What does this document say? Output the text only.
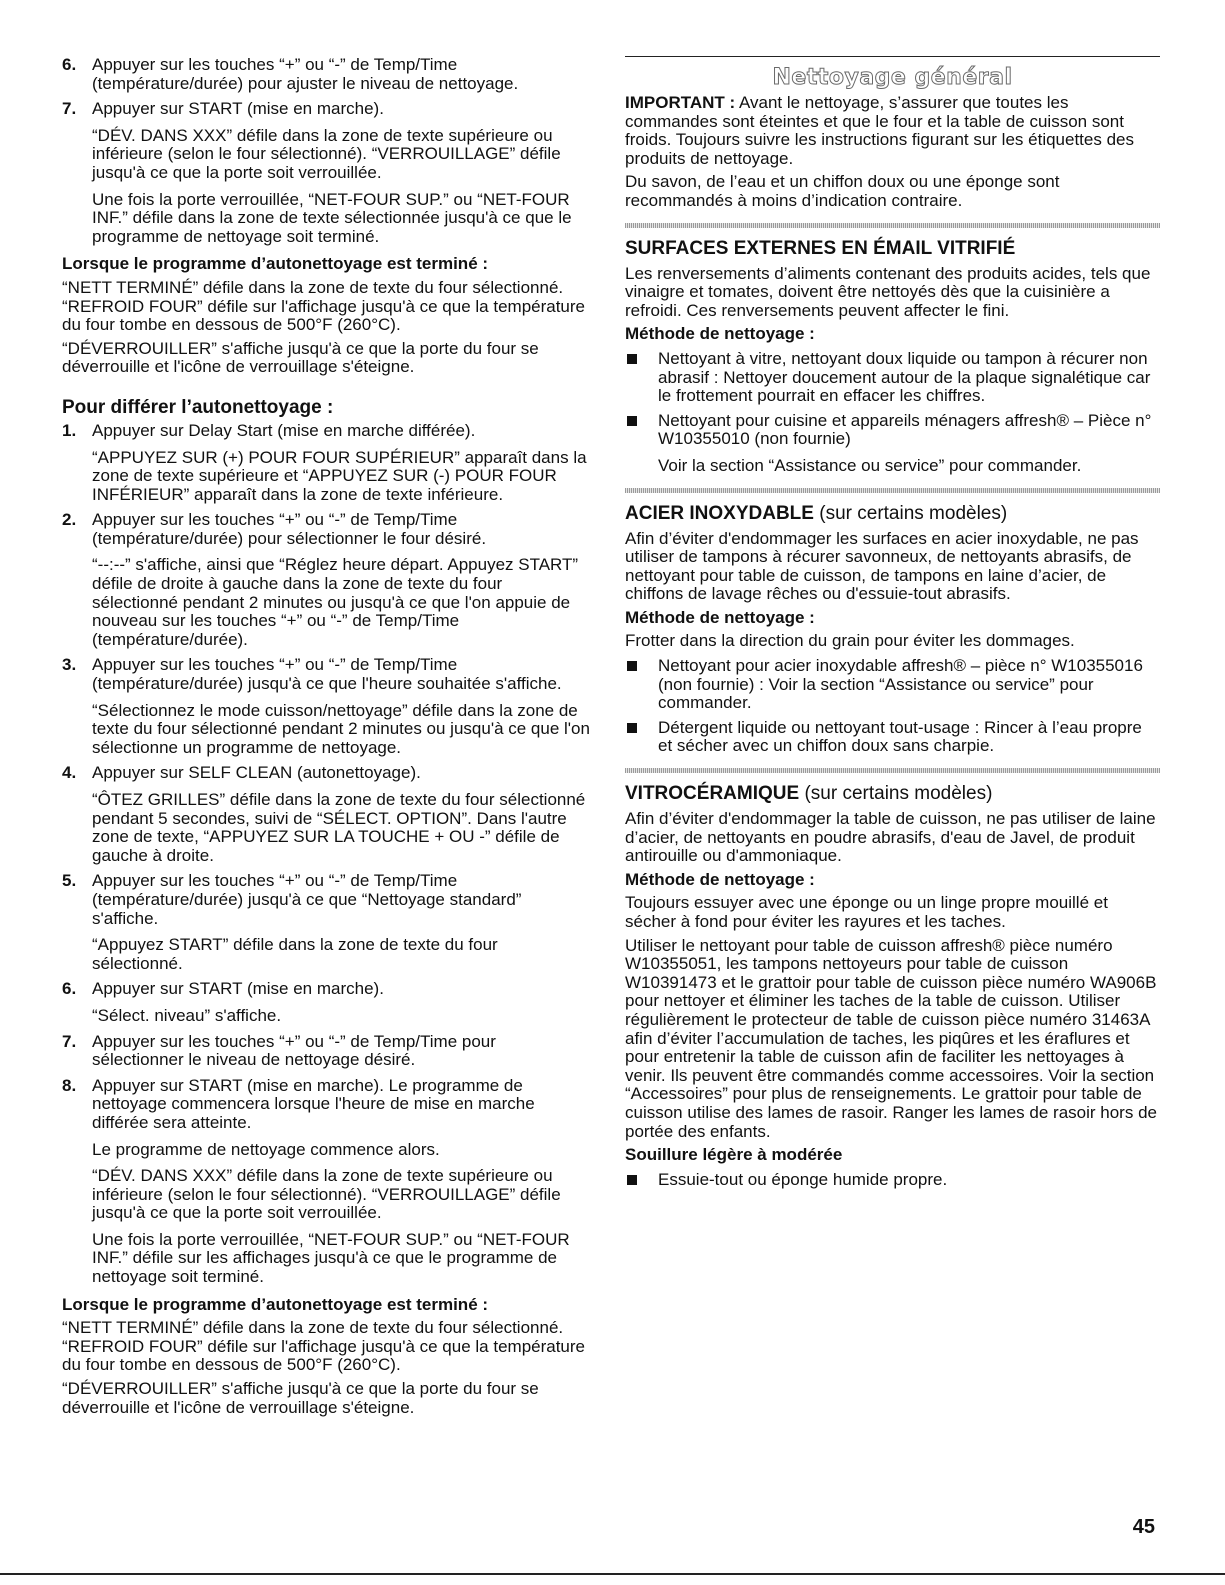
6. Appuyer sur les touches “+” ou “-” de Temp/Time (température/durée) pour ajuster le niveau de nettoyage.
7. Appuyer sur START (mise en marche).
“DÉV. DANS XXX” défile dans la zone de texte supérieure ou inférieure (selon le four sélectionné). “VERROUILLAGE” défile jusqu'à ce que la porte soit verrouillée.
Une fois la porte verrouillée, “NET-FOUR SUP.” ou “NET-FOUR INF.” défile dans la zone de texte sélectionnée jusqu'à ce que le programme de nettoyage soit terminé.
Lorsque le programme d’autonettoyage est terminé :

“NETT TERMINÉ” défile dans la zone de texte du four sélectionné. “REFROID FOUR” défile sur l'affichage jusqu'à ce que la température du four tombe en dessous de 500°F (260°C).

“DÉVERROUILLER” s'affiche jusqu'à ce que la porte du four se déverrouille et l'icône de verrouillage s'éteigne.

Pour différer l’autonettoyage :
1. Appuyer sur Delay Start (mise en marche différée).
“APPUYEZ SUR (+) POUR FOUR SUPÉRIEUR” apparaît dans la zone de texte supérieure et “APPUYEZ SUR (-) POUR FOUR INFÉRIEUR” apparaît dans la zone de texte inférieure.
2. Appuyer sur les touches “+” ou “-” de Temp/Time (température/durée) pour sélectionner le four désiré.
“--:--” s'affiche, ainsi que “Réglez heure départ. Appuyez START” défile de droite à gauche dans la zone de texte du four sélectionné pendant 2 minutes ou jusqu'à ce que l'on appuie de nouveau sur les touches “+” ou “-” de Temp/Time (température/durée).
3. Appuyer sur les touches “+” ou “-” de Temp/Time (température/durée) jusqu'à ce que l'heure souhaitée s'affiche.
“Sélectionnez le mode cuisson/nettoyage” défile dans la zone de texte du four sélectionné pendant 2 minutes ou jusqu'à ce que l'on sélectionne un programme de nettoyage.
4. Appuyer sur SELF CLEAN (autonettoyage).
“ÔTEZ GRILLES” défile dans la zone de texte du four sélectionné pendant 5 secondes, suivi de “SÉLECT. OPTION”. Dans l'autre zone de texte, “APPUYEZ SUR LA TOUCHE + OU -” défile de gauche à droite.
5. Appuyer sur les touches “+” ou “-” de Temp/Time (température/durée) jusqu'à ce que “Nettoyage standard” s'affiche.
“Appuyez START” défile dans la zone de texte du four sélectionné.
6. Appuyer sur START (mise en marche).
“Sélect. niveau” s'affiche.
7. Appuyer sur les touches “+” ou “-” de Temp/Time pour sélectionner le niveau de nettoyage désiré.
8. Appuyer sur START (mise en marche). Le programme de nettoyage commencera lorsque l'heure de mise en marche différée sera atteinte.
Le programme de nettoyage commence alors.
“DÉV. DANS XXX” défile dans la zone de texte supérieure ou inférieure (selon le four sélectionné). “VERROUILLAGE” défile jusqu'à ce que la porte soit verrouillée.
Une fois la porte verrouillée, “NET-FOUR SUP.” ou “NET-FOUR INF.” défile sur les affichages jusqu'à ce que le programme de nettoyage soit terminé.
Lorsque le programme d’autonettoyage est terminé :

“NETT TERMINÉ” défile dans la zone de texte du four sélectionné. “REFROID FOUR” défile sur l'affichage jusqu'à ce que la température du four tombe en dessous de 500°F (260°C).

“DÉVERROUILLER” s'affiche jusqu'à ce que la porte du four se déverrouille et l'icône de verrouillage s'éteigne.

Nettoyage général

IMPORTANT : Avant le nettoyage, s’assurer que toutes les commandes sont éteintes et que le four et la table de cuisson sont froids. Toujours suivre les instructions figurant sur les étiquettes des produits de nettoyage.

Du savon, de l’eau et un chiffon doux ou une éponge sont recommandés à moins d’indication contraire.

SURFACES EXTERNES EN ÉMAIL VITRIFIÉ

Les renversements d’aliments contenant des produits acides, tels que vinaigre et tomates, doivent être nettoyés dès que la cuisinière a refroidi. Ces renversements peuvent affecter le fini.

Méthode de nettoyage :
Nettoyant à vitre, nettoyant doux liquide ou tampon à récurer non abrasif : Nettoyer doucement autour de la plaque signalétique car le frottement pourrait en effacer les chiffres.
Nettoyant pour cuisine et appareils ménagers affresh® – Pièce n° W10355010 (non fournie)
Voir la section “Assistance ou service” pour commander.
ACIER INOXYDABLE (sur certains modèles)

Afin d’éviter d'endommager les surfaces en acier inoxydable, ne pas utiliser de tampons à récurer savonneux, de nettoyants abrasifs, de nettoyant pour table de cuisson, de tampons en laine d’acier, de chiffons de lavage rêches ou d'essuie-tout abrasifs.

Méthode de nettoyage :

Frotter dans la direction du grain pour éviter les dommages.

Nettoyant pour acier inoxydable affresh® – pièce n° W10355016 (non fournie) : Voir la section “Assistance ou service” pour commander.
Détergent liquide ou nettoyant tout-usage : Rincer à l’eau propre et sécher avec un chiffon doux sans charpie.
VITROCÉRAMIQUE (sur certains modèles)

Afin d’éviter d'endommager la table de cuisson, ne pas utiliser de laine d’acier, de nettoyants en poudre abrasifs, d'eau de Javel, de produit antirouille ou d'ammoniaque.

Méthode de nettoyage :

Toujours essuyer avec une éponge ou un linge propre mouillé et sécher à fond pour éviter les rayures et les taches.

Utiliser le nettoyant pour table de cuisson affresh® pièce numéro W10355051, les tampons nettoyeurs pour table de cuisson W10391473 et le grattoir pour table de cuisson pièce numéro WA906B pour nettoyer et éliminer les taches de la table de cuisson. Utiliser régulièrement le protecteur de table de cuisson pièce numéro 31463A afin d’éviter l’accumulation de taches, les piqûres et les éraflures et pour entretenir la table de cuisson afin de faciliter les nettoyages à venir. Ils peuvent être commandés comme accessoires. Voir la section “Accessoires” pour plus de renseignements. Le grattoir pour table de cuisson utilise des lames de rasoir. Ranger les lames de rasoir hors de portée des enfants.

Souillure légère à modérée
Essuie-tout ou éponge humide propre.
45
